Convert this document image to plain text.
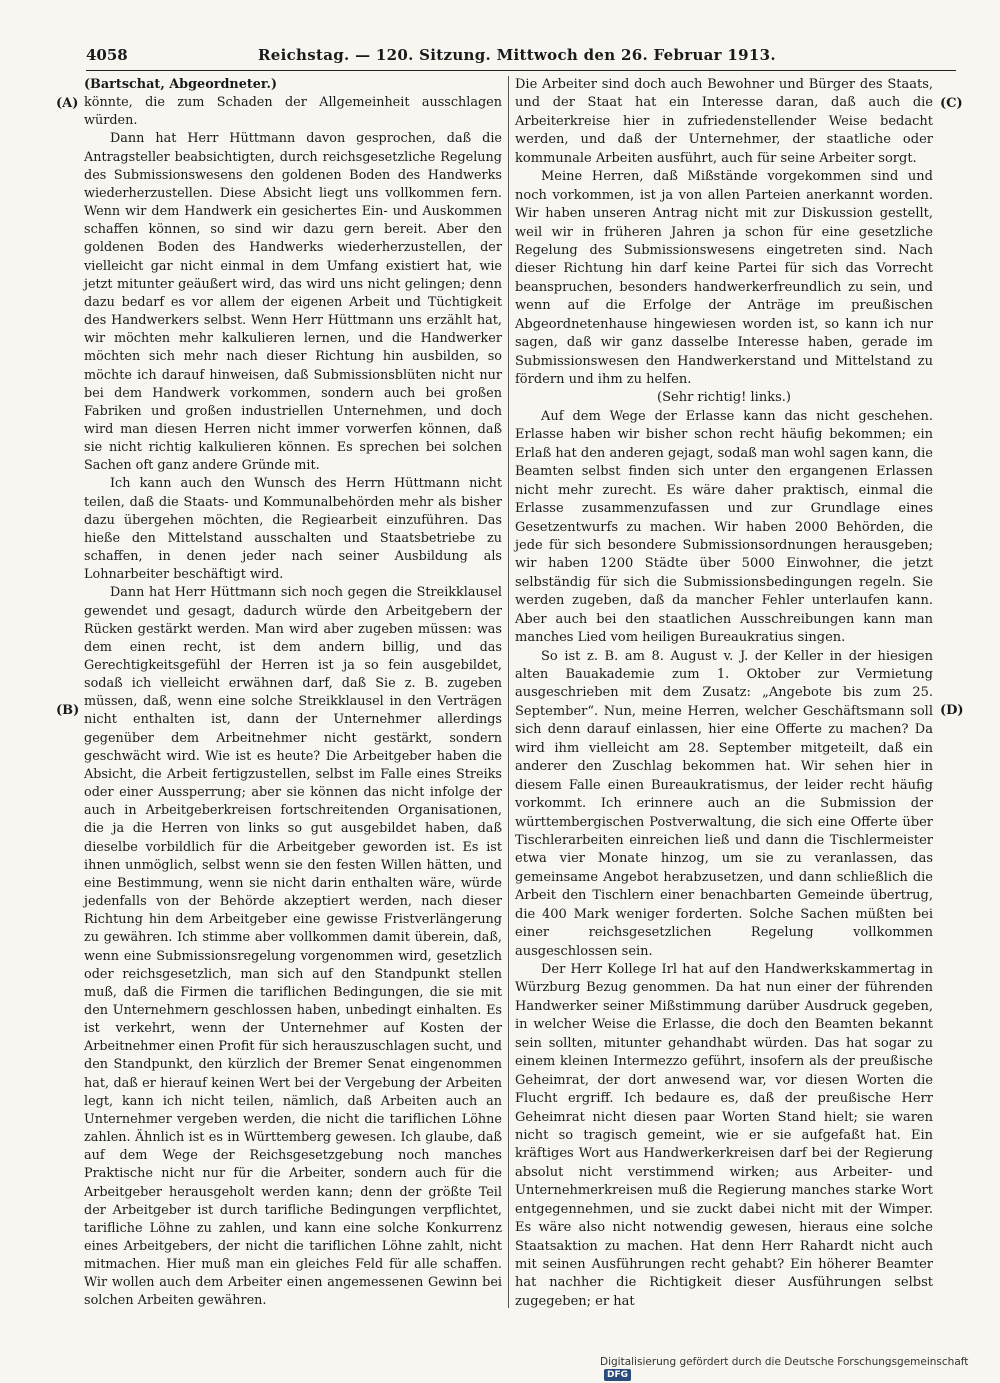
4058	Reichstag. — 120. Sitzung. Mittwoch den 26. Februar 1913.
(A)
(B)
(C)
(D)

(Bartschat, Abgeordneter.)

könnte, die zum Schaden der Allgemeinheit ausschlagen würden.

Dann hat Herr Hüttmann davon gesprochen, daß die Antragsteller beabsichtigten, durch reichsgesetzliche Regelung des Submissionswesens den goldenen Boden des Handwerks wiederherzustellen. Diese Absicht liegt uns vollkommen fern. Wenn wir dem Handwerk ein gesichertes Ein- und Auskommen schaffen können, so sind wir dazu gern bereit. Aber den goldenen Boden des Handwerks wiederherzustellen, der vielleicht gar nicht einmal in dem Umfang existiert hat, wie jetzt mitunter geäußert wird, das wird uns nicht gelingen; denn dazu bedarf es vor allem der eigenen Arbeit und Tüchtigkeit des Handwerkers selbst. Wenn Herr Hüttmann uns erzählt hat, wir möchten mehr kalkulieren lernen, und die Handwerker möchten sich mehr nach dieser Richtung hin ausbilden, so möchte ich darauf hinweisen, daß Submissionsblüten nicht nur bei dem Handwerk vorkommen, sondern auch bei großen Fabriken und großen industriellen Unternehmen, und doch wird man diesen Herren nicht immer vorwerfen können, daß sie nicht richtig kalkulieren können. Es sprechen bei solchen Sachen oft ganz andere Gründe mit.

Ich kann auch den Wunsch des Herrn Hüttmann nicht teilen, daß die Staats- und Kommunalbehörden mehr als bisher dazu übergehen möchten, die Regiearbeit einzuführen. Das hieße den Mittelstand ausschalten und Staatsbetriebe zu schaffen, in denen jeder nach seiner Ausbildung als Lohnarbeiter beschäftigt wird.

Dann hat Herr Hüttmann sich noch gegen die Streikklausel gewendet und gesagt, dadurch würde den Arbeitgebern der Rücken gestärkt werden. Man wird aber zugeben müssen: was dem einen recht, ist dem andern billig, und das Gerechtigkeitsgefühl der Herren ist ja so fein ausgebildet, sodaß ich vielleicht erwähnen darf, daß Sie z. B. zugeben müssen, daß, wenn eine solche Streikklausel in den Verträgen nicht enthalten ist, dann der Unternehmer allerdings gegenüber dem Arbeitnehmer nicht gestärkt, sondern geschwächt wird. Wie ist es heute? Die Arbeitgeber haben die Absicht, die Arbeit fertigzustellen, selbst im Falle eines Streiks oder einer Aussperrung; aber sie können das nicht infolge der auch in Arbeitgeberkreisen fortschreitenden Organisationen, die ja die Herren von links so gut ausgebildet haben, daß dieselbe vorbildlich für die Arbeitgeber geworden ist. Es ist ihnen unmöglich, selbst wenn sie den festen Willen hätten, und eine Bestimmung, wenn sie nicht darin enthalten wäre, würde jedenfalls von der Behörde akzeptiert werden, nach dieser Richtung hin dem Arbeitgeber eine gewisse Fristverlängerung zu gewähren. Ich stimme aber vollkommen damit überein, daß, wenn eine Submissionsregelung vorgenommen wird, gesetzlich oder reichsgesetzlich, man sich auf den Standpunkt stellen muß, daß die Firmen die tariflichen Bedingungen, die sie mit den Unternehmern geschlossen haben, unbedingt einhalten. Es ist verkehrt, wenn der Unternehmer auf Kosten der Arbeitnehmer einen Profit für sich herauszuschlagen sucht, und den Standpunkt, den kürzlich der Bremer Senat eingenommen hat, daß er hierauf keinen Wert bei der Vergebung der Arbeiten legt, kann ich nicht teilen, nämlich, daß Arbeiten auch an Unternehmer vergeben werden, die nicht die tariflichen Löhne zahlen. Ähnlich ist es in Württemberg gewesen. Ich glaube, daß auf dem Wege der Reichsgesetzgebung noch manches Praktische nicht nur für die Arbeiter, sondern auch für die Arbeitgeber herausgeholt werden kann; denn der größte Teil der Arbeitgeber ist durch tarifliche Bedingungen verpflichtet, tarifliche Löhne zu zahlen, und kann eine solche Konkurrenz eines Arbeitgebers, der nicht die tariflichen Löhne zahlt, nicht mitmachen. Hier muß man ein gleiches Feld für alle schaffen. Wir wollen auch dem Arbeiter einen angemessenen Gewinn bei solchen Arbeiten gewähren.

Die Arbeiter sind doch auch Bewohner und Bürger des Staats, und der Staat hat ein Interesse daran, daß auch die Arbeiterkreise hier in zufriedenstellender Weise bedacht werden, und daß der Unternehmer, der staatliche oder kommunale Arbeiten ausführt, auch für seine Arbeiter sorgt.

Meine Herren, daß Mißstände vorgekommen sind und noch vorkommen, ist ja von allen Parteien anerkannt worden. Wir haben unseren Antrag nicht mit zur Diskussion gestellt, weil wir in früheren Jahren ja schon für eine gesetzliche Regelung des Submissionswesens eingetreten sind. Nach dieser Richtung hin darf keine Partei für sich das Vorrecht beanspruchen, besonders handwerkerfreundlich zu sein, und wenn auf die Erfolge der Anträge im preußischen Abgeordnetenhause hingewiesen worden ist, so kann ich nur sagen, daß wir ganz dasselbe Interesse haben, gerade im Submissionswesen den Handwerkerstand und Mittelstand zu fördern und ihm zu helfen.

(Sehr richtig! links.)

Auf dem Wege der Erlasse kann das nicht geschehen. Erlasse haben wir bisher schon recht häufig bekommen; ein Erlaß hat den anderen gejagt, sodaß man wohl sagen kann, die Beamten selbst finden sich unter den ergangenen Erlassen nicht mehr zurecht. Es wäre daher praktisch, einmal die Erlasse zusammenzufassen und zur Grundlage eines Gesetzentwurfs zu machen. Wir haben 2000 Behörden, die jede für sich besondere Submissionsordnungen herausgeben; wir haben 1200 Städte über 5000 Einwohner, die jetzt selbständig für sich die Submissionsbedingungen regeln. Sie werden zugeben, daß da mancher Fehler unterlaufen kann. Aber auch bei den staatlichen Ausschreibungen kann man manches Lied vom heiligen Bureaukratius singen.

So ist z. B. am 8. August v. J. der Keller in der hiesigen alten Bauakademie zum 1. Oktober zur Vermietung ausgeschrieben mit dem Zusatz: „Angebote bis zum 25. September“. Nun, meine Herren, welcher Geschäftsmann soll sich denn darauf einlassen, hier eine Offerte zu machen? Da wird ihm vielleicht am 28. September mitgeteilt, daß ein anderer den Zuschlag bekommen hat. Wir sehen hier in diesem Falle einen Bureaukratismus, der leider recht häufig vorkommt. Ich erinnere auch an die Submission der württembergischen Postverwaltung, die sich eine Offerte über Tischlerarbeiten einreichen ließ und dann die Tischlermeister etwa vier Monate hinzog, um sie zu veranlassen, das gemeinsame Angebot herabzusetzen, und dann schließlich die Arbeit den Tischlern einer benachbarten Gemeinde übertrug, die 400 Mark weniger forderten. Solche Sachen müßten bei einer reichsgesetzlichen Regelung vollkommen ausgeschlossen sein.

Der Herr Kollege Irl hat auf den Handwerkskammertag in Würzburg Bezug genommen. Da hat nun einer der führenden Handwerker seiner Mißstimmung darüber Ausdruck gegeben, in welcher Weise die Erlasse, die doch den Beamten bekannt sein sollten, mitunter gehandhabt würden. Das hat sogar zu einem kleinen Intermezzo geführt, insofern als der preußische Geheimrat, der dort anwesend war, vor diesen Worten die Flucht ergriff. Ich bedaure es, daß der preußische Herr Geheimrat nicht diesen paar Worten Stand hielt; sie waren nicht so tragisch gemeint, wie er sie aufgefaßt hat. Ein kräftiges Wort aus Handwerkerkreisen darf bei der Regierung absolut nicht verstimmend wirken; aus Arbeiter- und Unternehmerkreisen muß die Regierung manches starke Wort entgegennehmen, und sie zuckt dabei nicht mit der Wimper. Es wäre also nicht notwendig gewesen, hieraus eine solche Staatsaktion zu machen. Hat denn Herr Rahardt nicht auch mit seinen Ausführungen recht gehabt? Ein höherer Beamter hat nachher die Richtigkeit dieser Ausführungen selbst zugegeben; er hat

Digitalisierung gefördert durch die Deutsche Forschungsgemeinschaft DFG
